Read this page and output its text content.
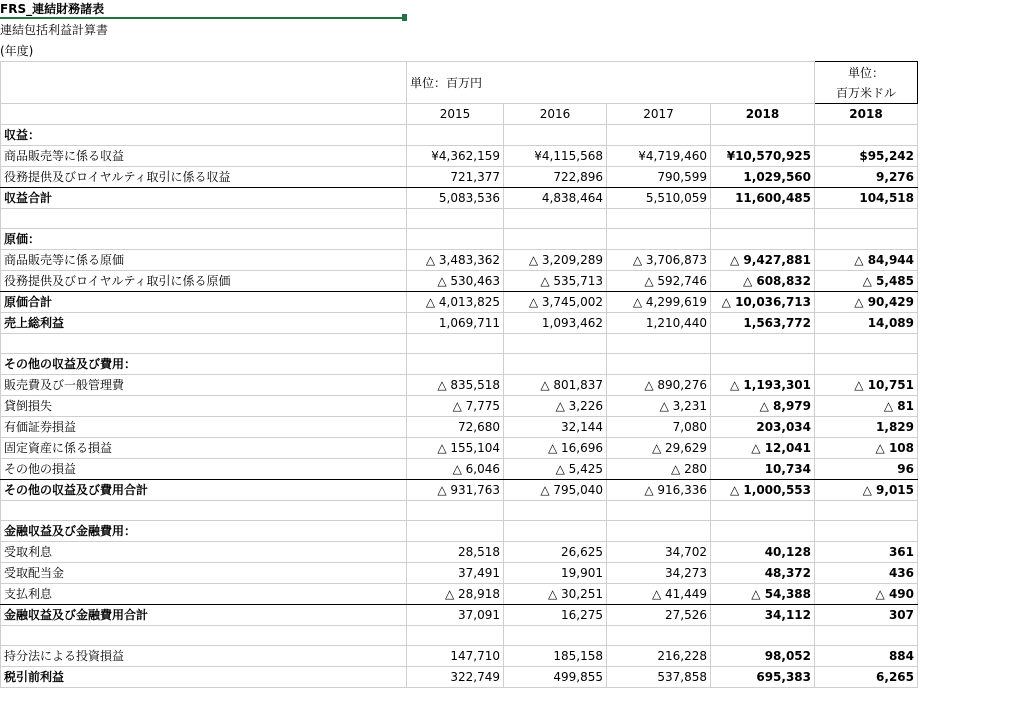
FRS_連結財務諸表
連結包括利益計算書
(年度)
	単位：百万円				単位：
百万米ドル

	2015	2016	2017	2018	2018
収益：					
商品販売等に係る収益	¥4,362,159	¥4,115,568	¥4,719,460	¥10,570,925	$95,242
役務提供及びロイヤルティ取引に係る収益	721,377	722,896	790,599	1,029,560	9,276
収益合計	5,083,536	4,838,464	5,510,059	11,600,485	104,518

原価：					
商品販売等に係る原価	△ 3,483,362	△ 3,209,289	△ 3,706,873	△ 9,427,881	△ 84,944
役務提供及びロイヤルティ取引に係る原価	△ 530,463	△ 535,713	△ 592,746	△ 608,832	△ 5,485
原価合計	△ 4,013,825	△ 3,745,002	△ 4,299,619	△ 10,036,713	△ 90,429
売上総利益	1,069,711	1,093,462	1,210,440	1,563,772	14,089

その他の収益及び費用：					
販売費及び一般管理費	△ 835,518	△ 801,837	△ 890,276	△ 1,193,301	△ 10,751
貸倒損失	△ 7,775	△ 3,226	△ 3,231	△ 8,979	△ 81
有価証券損益	72,680	32,144	7,080	203,034	1,829
固定資産に係る損益	△ 155,104	△ 16,696	△ 29,629	△ 12,041	△ 108
その他の損益	△ 6,046	△ 5,425	△ 280	10,734	96
その他の収益及び費用合計	△ 931,763	△ 795,040	△ 916,336	△ 1,000,553	△ 9,015

金融収益及び金融費用：					
受取利息	28,518	26,625	34,702	40,128	361
受取配当金	37,491	19,901	34,273	48,372	436
支払利息	△ 28,918	△ 30,251	△ 41,449	△ 54,388	△ 490
金融収益及び金融費用合計	37,091	16,275	27,526	34,112	307

持分法による投資損益	147,710	185,158	216,228	98,052	884
税引前利益	322,749	499,855	537,858	695,383	6,265
